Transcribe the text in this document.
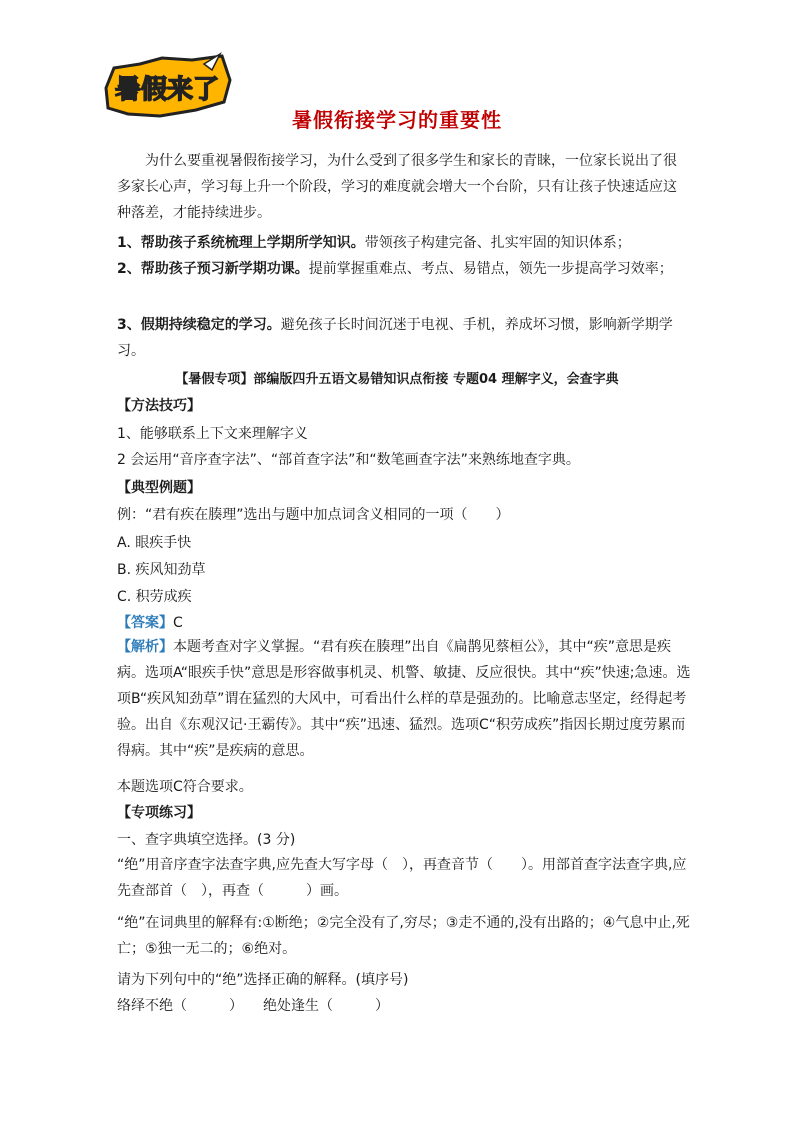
暑假来了
暑假衔接学习的重要性
为什么要重视暑假衔接学习，为什么受到了很多学生和家长的青睐，一位家长说出了很多家长心声，学习每上升一个阶段，学习的难度就会增大一个台阶，只有让孩子快速适应这种落差，才能持续进步。
1、帮助孩子系统梳理上学期所学知识。带领孩子构建完备、扎实牢固的知识体系；
2、帮助孩子预习新学期功课。提前掌握重难点、考点、易错点，领先一步提高学习效率；
3、假期持续稳定的学习。避免孩子长时间沉迷于电视、手机，养成坏习惯，影响新学期学习。
【暑假专项】部编版四升五语文易错知识点衔接 专题04 理解字义，会查字典
【方法技巧】
1、能够联系上下文来理解字义
2 会运用“音序查字法”、“部首查字法”和“数笔画查字法”来熟练地查字典。
【典型例题】
例：“君有疾在腠理”选出与题中加点词含义相同的一项（　　）
A. 眼疾手快
B. 疾风知劲草
C. 积劳成疾
【答案】C
【解析】本题考查对字义掌握。“君有疾在腠理”出自《扁鹊见蔡桓公》，其中“疾”意思是疾病。选项A“眼疾手快”意思是形容做事机灵、机警、敏捷、反应很快。其中“疾”快速;急速。选项B“疾风知劲草”谓在猛烈的大风中，可看出什么样的草是强劲的。比喻意志坚定，经得起考验。出自《东观汉记·王霸传》。其中“疾”迅速、猛烈。选项C“积劳成疾”指因长期过度劳累而得病。其中“疾”是疾病的意思。
本题选项C符合要求。
【专项练习】
一、查字典填空选择。(3 分)
“绝”用音序查字法查字典,应先查大写字母（　），再查音节（　　）。用部首查字法查字典,应先查部首（　），再查（　　　）画。
“绝”在词典里的解释有:①断绝；②完全没有了,穷尽；③走不通的,没有出路的；④气息中止,死亡；⑤独一无二的；⑥绝对。
请为下列句中的“绝”选择正确的解释。(填序号)
络绎不绝（　　　） 绝处逢生（　　　）
